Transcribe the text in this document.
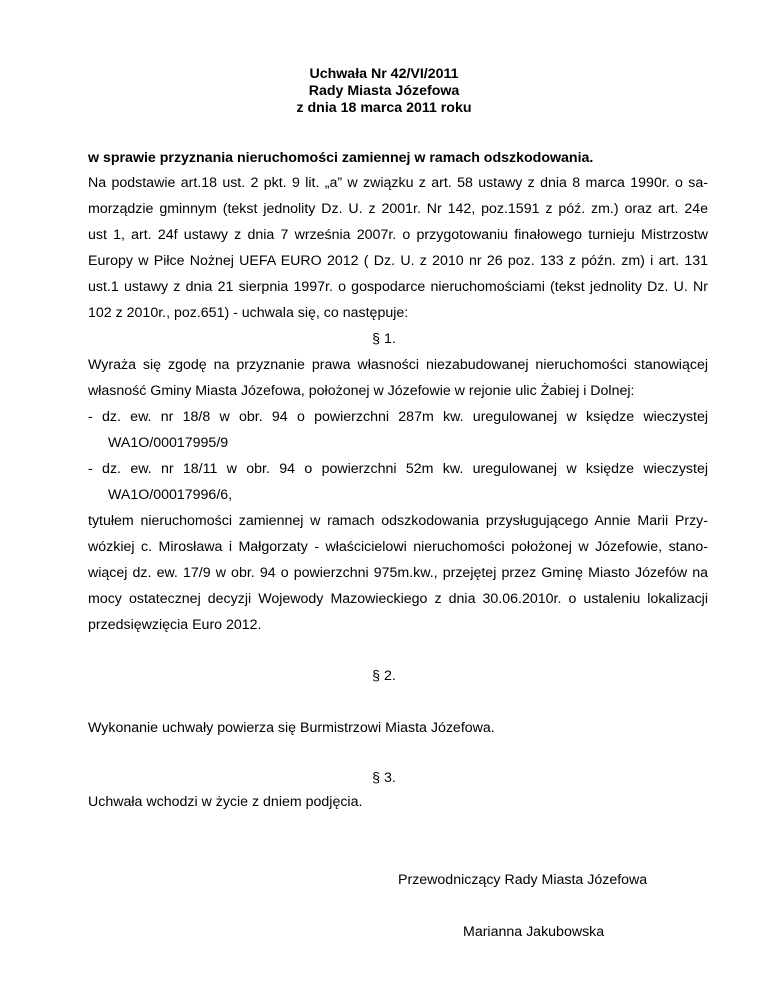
Uchwała Nr 42/VI/2011
Rady Miasta Józefowa
z dnia 18 marca 2011 roku
w sprawie przyznania nieruchomości zamiennej w ramach odszkodowania.
Na podstawie art.18 ust. 2 pkt. 9 lit. „a” w związku z art. 58 ustawy z dnia 8 marca 1990r. o sa-
morządzie gminnym (tekst jednolity Dz. U. z 2001r. Nr 142, poz.1591 z póź. zm.) oraz art. 24e
ust 1, art. 24f ustawy z dnia 7 września 2007r. o przygotowaniu finałowego turnieju Mistrzostw
Europy w Piłce Nożnej UEFA EURO 2012 ( Dz. U. z 2010 nr 26 poz. 133 z późn. zm) i art. 131
ust.1 ustawy z dnia 21 sierpnia 1997r. o gospodarce nieruchomościami (tekst jednolity Dz. U. Nr
102 z 2010r., poz.651) - uchwala się, co następuje:
§ 1.
Wyraża się zgodę na przyznanie prawa własności niezabudowanej nieruchomości stanowiącej
własność Gminy Miasta Józefowa, położonej w Józefowie w rejonie ulic Żabiej i Dolnej:
- dz. ew. nr 18/8 w obr. 94 o powierzchni 287m kw. uregulowanej w księdze wieczystej
WA1O/00017995/9
- dz. ew. nr 18/11 w obr. 94 o powierzchni 52m kw. uregulowanej w księdze wieczystej
WA1O/00017996/6,
tytułem nieruchomości zamiennej w ramach odszkodowania przysługującego Annie Marii Przy-
wózkiej c. Mirosława i Małgorzaty - właścicielowi nieruchomości położonej w Józefowie, stano-
wiącej dz. ew. 17/9 w obr. 94 o powierzchni 975m.kw., przejętej przez Gminę Miasto Józefów na
mocy ostatecznej decyzji Wojewody Mazowieckiego z dnia 30.06.2010r. o ustaleniu lokalizacji
przedsięwzięcia Euro 2012.
§ 2.
Wykonanie uchwały powierza się Burmistrzowi Miasta Józefowa.
§ 3.
Uchwała wchodzi w życie z dniem podjęcia.
Przewodniczący Rady Miasta Józefowa
Marianna Jakubowska
